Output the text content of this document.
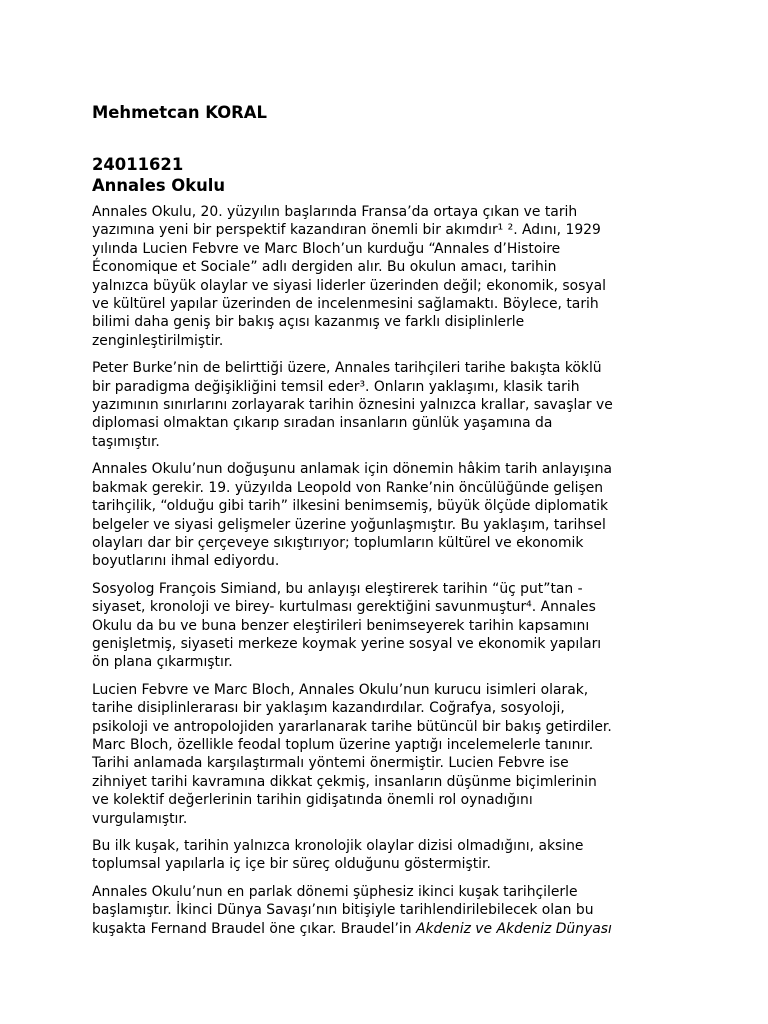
Mehmetcan KORAL
24011621
Annales Okulu

Annales Okulu, 20. yüzyılın başlarında Fransa’da ortaya çıkan ve tarih
yazımına yeni bir perspektif kazandıran önemli bir akımdır¹ ². Adını, 1929
yılında Lucien Febvre ve Marc Bloch’un kurduğu “Annales d’Histoire
Économique et Sociale” adlı dergiden alır. Bu okulun amacı, tarihin
yalnızca büyük olaylar ve siyasi liderler üzerinden değil; ekonomik, sosyal
ve kültürel yapılar üzerinden de incelenmesini sağlamaktı. Böylece, tarih
bilimi daha geniş bir bakış açısı kazanmış ve farklı disiplinlerle
zenginleştirilmiştir.

Peter Burke’nin de belirttiği üzere, Annales tarihçileri tarihe bakışta köklü
bir paradigma değişikliğini temsil eder³. Onların yaklaşımı, klasik tarih
yazımının sınırlarını zorlayarak tarihin öznesini yalnızca krallar, savaşlar ve
diplomasi olmaktan çıkarıp sıradan insanların günlük yaşamına da
taşımıştır.

Annales Okulu’nun doğuşunu anlamak için dönemin hâkim tarih anlayışına
bakmak gerekir. 19. yüzyılda Leopold von Ranke’nin öncülüğünde gelişen
tarihçilik, “olduğu gibi tarih” ilkesini benimsemiş, büyük ölçüde diplomatik
belgeler ve siyasi gelişmeler üzerine yoğunlaşmıştır. Bu yaklaşım, tarihsel
olayları dar bir çerçeveye sıkıştırıyor; toplumların kültürel ve ekonomik
boyutlarını ihmal ediyordu.

Sosyolog François Simiand, bu anlayışı eleştirerek tarihin “üç put”tan -
siyaset, kronoloji ve birey- kurtulması gerektiğini savunmuştur⁴. Annales
Okulu da bu ve buna benzer eleştirileri benimseyerek tarihin kapsamını
genişletmiş, siyaseti merkeze koymak yerine sosyal ve ekonomik yapıları
ön plana çıkarmıştır.

Lucien Febvre ve Marc Bloch, Annales Okulu’nun kurucu isimleri olarak,
tarihe disiplinlerarası bir yaklaşım kazandırdılar. Coğrafya, sosyoloji,
psikoloji ve antropolojiden yararlanarak tarihe bütüncül bir bakış getirdiler.
Marc Bloch, özellikle feodal toplum üzerine yaptığı incelemelerle tanınır.
Tarihi anlamada karşılaştırmalı yöntemi önermiştir. Lucien Febvre ise
zihniyet tarihi kavramına dikkat çekmiş, insanların düşünme biçimlerinin
ve kolektif değerlerinin tarihin gidişatında önemli rol oynadığını
vurgulamıştır.

Bu ilk kuşak, tarihin yalnızca kronolojik olaylar dizisi olmadığını, aksine
toplumsal yapılarla iç içe bir süreç olduğunu göstermiştir.

Annales Okulu’nun en parlak dönemi şüphesiz ikinci kuşak tarihçilerle
başlamıştır. İkinci Dünya Savaşı’nın bitişiyle tarihlendirilebilecek olan bu
kuşakta Fernand Braudel öne çıkar. Braudel’in Akdeniz ve Akdeniz Dünyası
